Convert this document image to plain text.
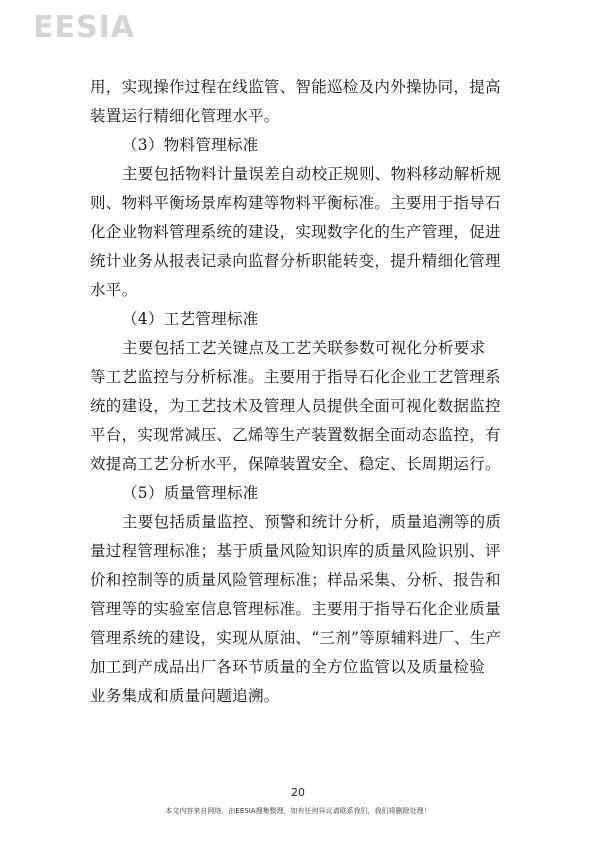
EESIA
用，实现操作过程在线监管、智能巡检及内外操协同，提高
装置运行精细化管理水平。
（3）物料管理标准
主要包括物料计量误差自动校正规则、物料移动解析规
则、物料平衡场景库构建等物料平衡标准。主要用于指导石
化企业物料管理系统的建设，实现数字化的生产管理，促进
统计业务从报表记录向监督分析职能转变，提升精细化管理
水平。
（4）工艺管理标准
主要包括工艺关键点及工艺关联参数可视化分析要求
等工艺监控与分析标准。主要用于指导石化企业工艺管理系
统的建设，为工艺技术及管理人员提供全面可视化数据监控
平台，实现常减压、乙烯等生产装置数据全面动态监控，有
效提高工艺分析水平，保障装置安全、稳定、长周期运行。
（5）质量管理标准
主要包括质量监控、预警和统计分析，质量追溯等的质
量过程管理标准；基于质量风险知识库的质量风险识别、评
价和控制等的质量风险管理标准；样品采集、分析、报告和
管理等的实验室信息管理标准。主要用于指导石化企业质量
管理系统的建设，实现从原油、“三剂”等原辅料进厂、生产
加工到产成品出厂各环节质量的全方位监管以及质量检验
业务集成和质量问题追溯。
20
本文内容来自网络，由EESIA搜集整理，如有任何异议请联系我们，我们将删除处理！
